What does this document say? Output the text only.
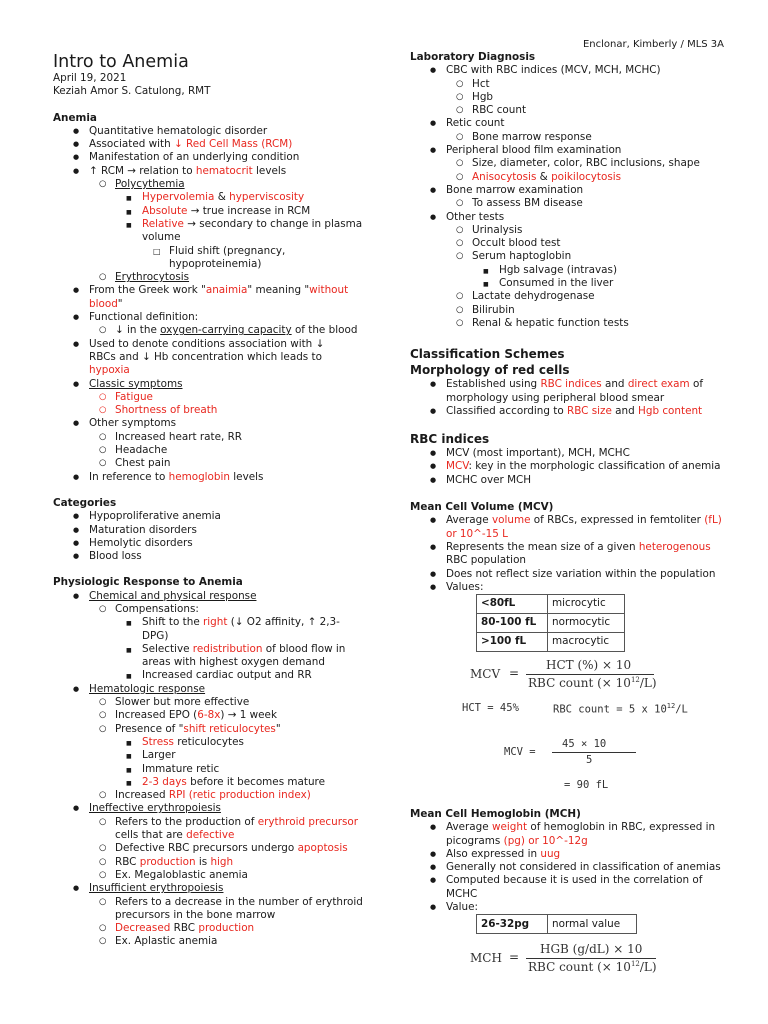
Enclonar, Kimberly / MLS 3A
Intro to Anemia
April 19, 2021
Keziah Amor S. Catulong, RMT
Anemia
● Quantitative hematologic disorder
● Associated with ↓ Red Cell Mass (RCM)
● Manifestation of an underlying condition
● ↑ RCM → relation to hematocrit levels
○ Polycythemia
■ Hypervolemia & hyperviscosity
■ Absolute → true increase in RCM
■ Relative → secondary to change in plasma volume
□ Fluid shift (pregnancy, hypoproteinemia)
○ Erythrocytosis
● From the Greek work "anaimia" meaning "without blood"
● Functional definition:
○ ↓ in the oxygen-carrying capacity of the blood
● Used to denote conditions association with ↓ RBCs and ↓ Hb concentration which leads to hypoxia
● Classic symptoms
○ Fatigue
○ Shortness of breath
● Other symptoms
○ Increased heart rate, RR
○ Headache
○ Chest pain
● In reference to hemoglobin levels
Categories
● Hypoproliferative anemia
● Maturation disorders
● Hemolytic disorders
● Blood loss
Physiologic Response to Anemia
● Chemical and physical response
○ Compensations:
■ Shift to the right (↓ O2 affinity, ↑ 2,3-DPG)
■ Selective redistribution of blood flow in areas with highest oxygen demand
■ Increased cardiac output and RR
● Hematologic response
○ Slower but more effective
○ Increased EPO (6-8x) → 1 week
○ Presence of "shift reticulocytes"
■ Stress reticulocytes
■ Larger
■ Immature retic
■ 2-3 days before it becomes mature
○ Increased RPI (retic production index)
● Ineffective erythropoiesis
○ Refers to the production of erythroid precursor cells that are defective
○ Defective RBC precursors undergo apoptosis
○ RBC production is high
○ Ex. Megaloblastic anemia
● Insufficient erythropoiesis
○ Refers to a decrease in the number of erythroid precursors in the bone marrow
○ Decreased RBC production
○ Ex. Aplastic anemia
Laboratory Diagnosis
● CBC with RBC indices (MCV, MCH, MCHC)
○ Hct
○ Hgb
○ RBC count
● Retic count
○ Bone marrow response
● Peripheral blood film examination
○ Size, diameter, color, RBC inclusions, shape
○ Anisocytosis & poikilocytosis
● Bone marrow examination
○ To assess BM disease
● Other tests
○ Urinalysis
○ Occult blood test
○ Serum haptoglobin
■ Hgb salvage (intravas)
■ Consumed in the liver
○ Lactate dehydrogenase
○ Bilirubin
○ Renal & hepatic function tests
Classification Schemes
Morphology of red cells
● Established using RBC indices and direct exam of morphology using peripheral blood smear
● Classified according to RBC size and Hgb content
RBC indices
● MCV (most important), MCH, MCHC
● MCV: key in the morphologic classification of anemia
● MCHC over MCH
Mean Cell Volume (MCV)
● Average volume of RBCs, expressed in femtoliter (fL) or 10^-15 L
● Represents the mean size of a given heterogenous RBC population
● Does not reflect size variation within the population
● Values:
<80fL	microcytic
80-100 fL	normocytic
>100 fL	macrocytic
MCV =
HCT (%) × 10
RBC count (× $10^{12}/L$)
HCT = 45%	RBC count = 5 x $10^{12}/L$
MCV =
45 × 10
5
= 90 fL
Mean Cell Hemoglobin (MCH)
● Average weight of hemoglobin in RBC, expressed in picograms (pg) or 10^-12g
● Also expressed in uug
● Generally not considered in classification of anemias
● Computed because it is used in the correlation of MCHC
● Value:
26-32pg	normal value
MCH =
HGB (g/dL) × 10
RBC count (× $10^{12}/L$)
